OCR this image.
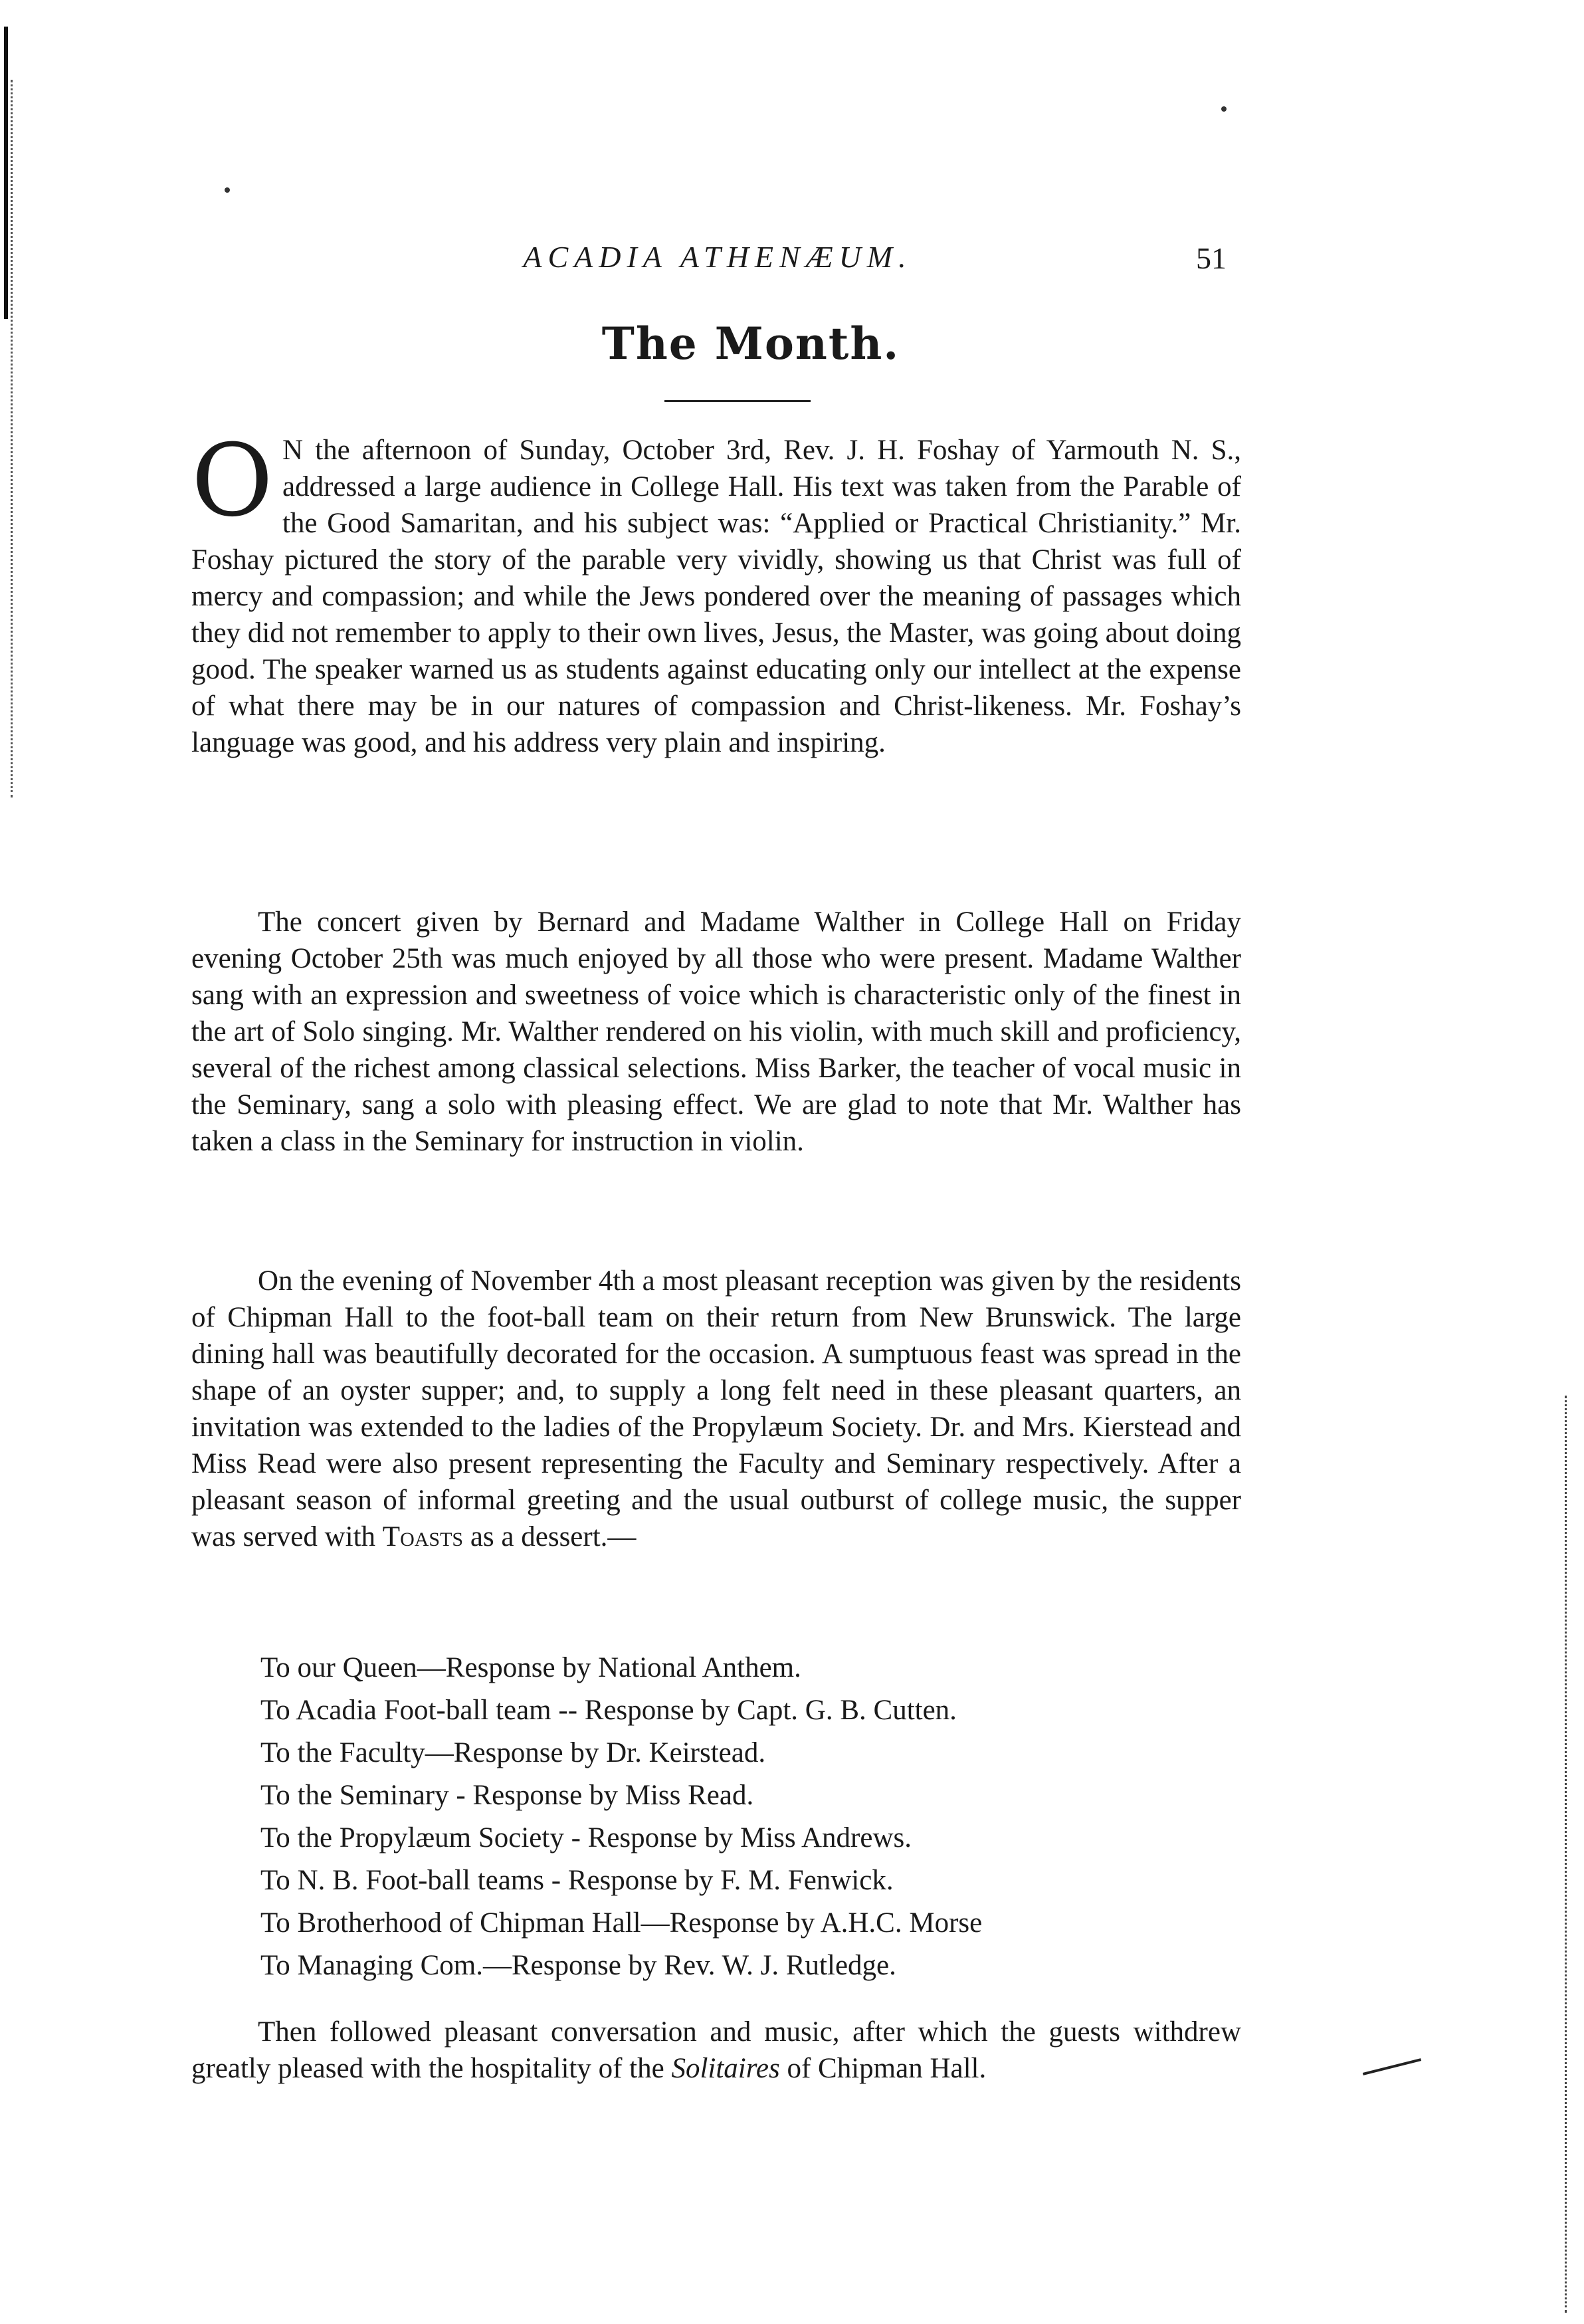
ACADIA ATHENÆUM.	51
The Month.
O N the afternoon of Sunday, October 3rd, Rev. J. H. Foshay of Yarmouth N. S., addressed a large audience in College Hall. His text was taken from the Parable of the Good Samaritan, and his subject was: “Applied or Practical Christianity.” Mr. Foshay pictured the story of the parable very vividly, showing us that Christ was full of mercy and compassion; and while the Jews pondered over the meaning of passages which they did not remember to apply to their own lives, Jesus, the Master, was going about doing good. The speaker warned us as students against educating only our intellect at the expense of what there may be in our natures of compassion and Christ-likeness. Mr. Foshay’s language was good, and his address very plain and inspiring.
The concert given by Bernard and Madame Walther in College Hall on Friday evening October 25th was much enjoyed by all those who were present. Madame Walther sang with an expression and sweetness of voice which is characteristic only of the finest in the art of Solo singing. Mr. Walther rendered on his violin, with much skill and proficiency, several of the richest among classical selections. Miss Barker, the teacher of vocal music in the Seminary, sang a solo with pleasing effect. We are glad to note that Mr. Walther has taken a class in the Seminary for instruction in violin.
On the evening of November 4th a most pleasant reception was given by the residents of Chipman Hall to the foot-ball team on their return from New Brunswick. The large dining hall was beautifully decorated for the occasion. A sumptuous feast was spread in the shape of an oyster supper; and, to supply a long felt need in these pleasant quarters, an invitation was extended to the ladies of the Propylæum Society. Dr. and Mrs. Kierstead and Miss Read were also present representing the Faculty and Seminary respectively. After a pleasant season of informal greeting and the usual outburst of college music, the supper was served with Toasts as a dessert.—
To our Queen—Response by National Anthem.
To Acadia Foot-ball team -- Response by Capt. G. B. Cutten.
To the Faculty—Response by Dr. Keirstead.
To the Seminary - Response by Miss Read.
To the Propylæum Society - Response by Miss Andrews.
To N. B. Foot-ball teams - Response by F. M. Fenwick.
To Brotherhood of Chipman Hall—Response by A.H.C. Morse
To Managing Com.—Response by Rev. W. J. Rutledge.
Then followed pleasant conversation and music, after which the guests withdrew greatly pleased with the hospitality of the Solitaires of Chipman Hall.
